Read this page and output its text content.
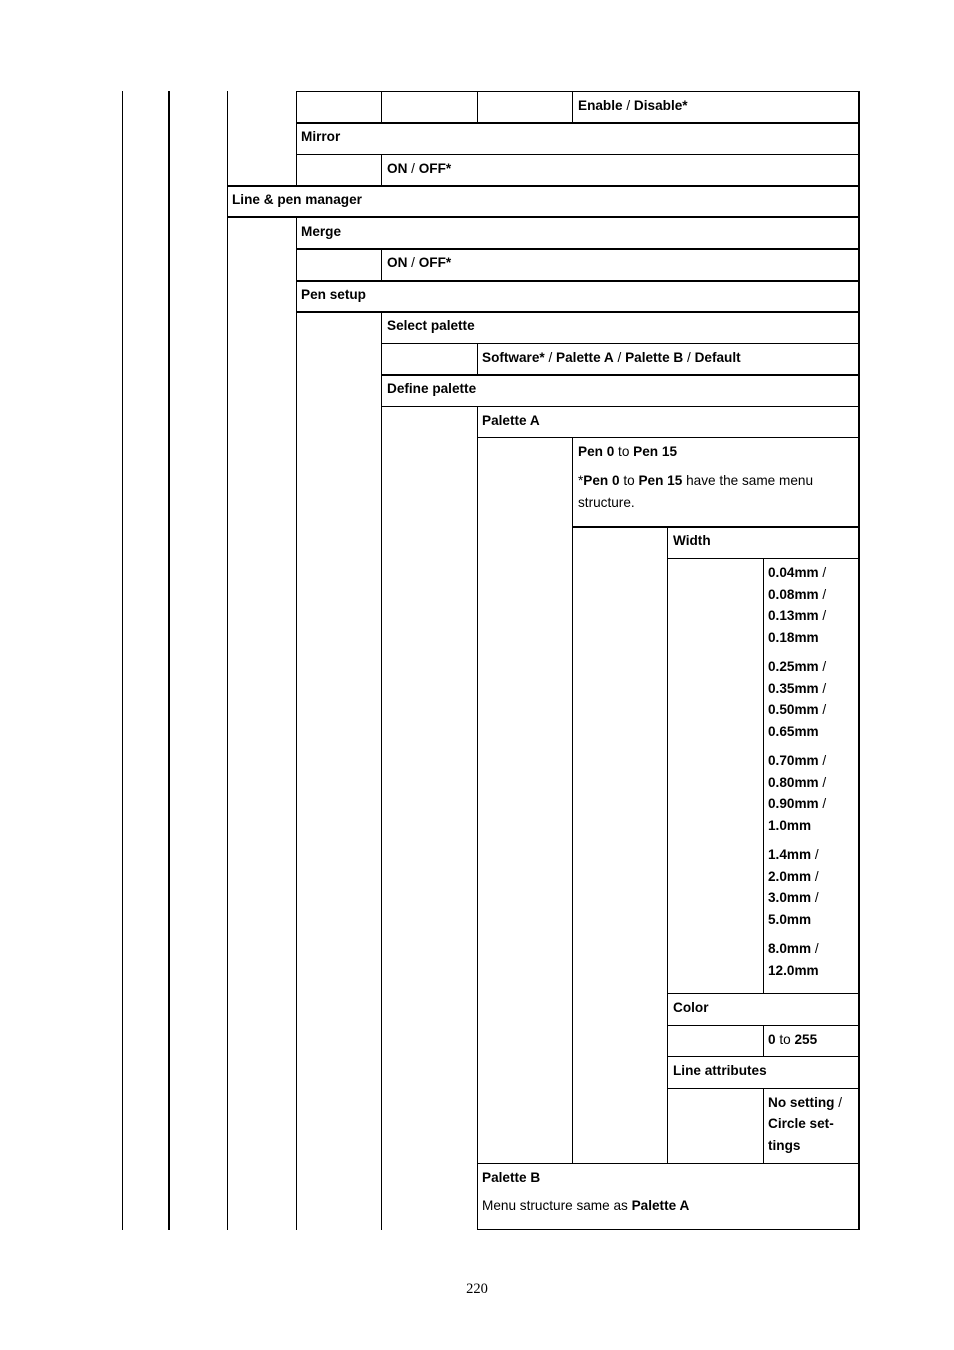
Enable / Disable*
Mirror
ON / OFF*
Line & pen manager
Merge
ON / OFF*
Pen setup
Select palette
Software* / Palette A / Palette B / Default
Define palette
Palette A
Pen 0 to Pen 15
*Pen 0 to Pen 15 have the same menu
structure.
Width
0.04mm /
0.08mm /
0.13mm /
0.18mm
0.25mm /
0.35mm /
0.50mm /
0.65mm
0.70mm /
0.80mm /
0.90mm /
1.0mm
1.4mm /
2.0mm /
3.0mm /
5.0mm
8.0mm /
12.0mm
Color
0 to 255
Line attributes
No setting /
Circle set-
tings
Palette B
Menu structure same as Palette A
220
